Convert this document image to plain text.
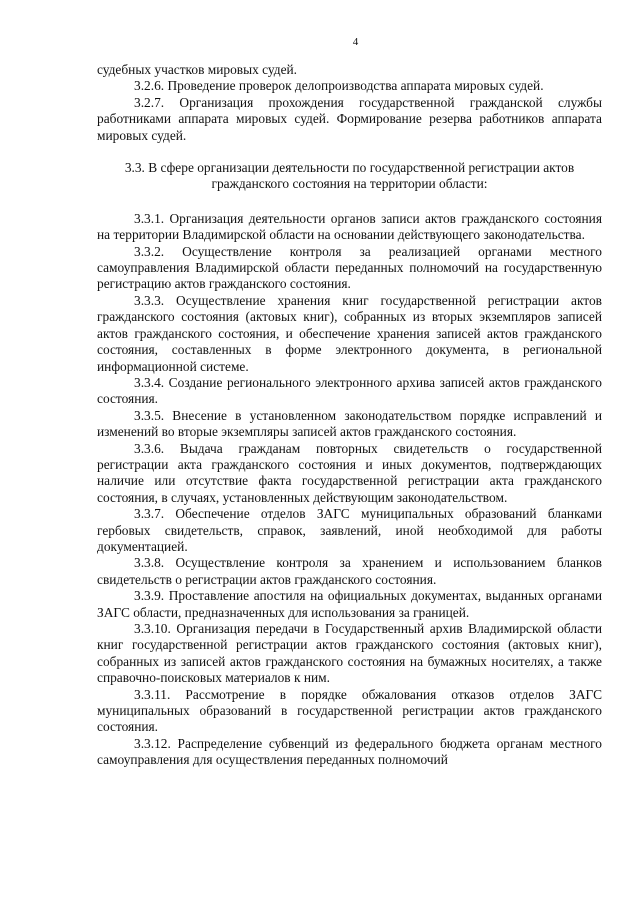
4

судебных участков мировых судей.

3.2.6. Проведение проверок делопроизводства аппарата мировых судей.

3.2.7. Организация прохождения государственной гражданской службы работниками аппарата мировых судей. Формирование резерва работников аппарата мировых судей.

3.3. В сфере организации деятельности по государственной регистрации актов
гражданского состояния на территории области:

3.3.1. Организация деятельности органов записи актов гражданского состояния на территории Владимирской области на основании действующего законодательства.

3.3.2. Осуществление контроля за реализацией органами местного самоуправления Владимирской области переданных полномочий на государственную регистрацию актов гражданского состояния.

3.3.3. Осуществление хранения книг государственной регистрации актов гражданского состояния (актовых книг), собранных из вторых экземпляров записей актов гражданского состояния, и обеспечение хранения записей актов гражданского состояния, составленных в форме электронного документа, в региональной информационной системе.

3.3.4. Создание регионального электронного архива записей актов гражданского состояния.

3.3.5. Внесение в установленном законодательством порядке исправлений и изменений во вторые экземпляры записей актов гражданского состояния.

3.3.6. Выдача гражданам повторных свидетельств о государственной регистрации акта гражданского состояния и иных документов, подтверждающих наличие или отсутствие факта государственной регистрации акта гражданского состояния, в случаях, установленных действующим законодательством.

3.3.7. Обеспечение отделов ЗАГС муниципальных образований бланками гербовых свидетельств, справок, заявлений, иной необходимой для работы документацией.

3.3.8. Осуществление контроля за хранением и использованием бланков свидетельств о регистрации актов гражданского состояния.

3.3.9. Проставление апостиля на официальных документах, выданных органами ЗАГС области, предназначенных для использования за границей.

3.3.10. Организация передачи в Государственный архив Владимирской области книг государственной регистрации актов гражданского состояния (актовых книг), собранных из записей актов гражданского состояния на бумажных носителях, а также справочно-поисковых материалов к ним.

3.3.11. Рассмотрение в порядке обжалования отказов отделов ЗАГС муниципальных образований в государственной регистрации актов гражданского состояния.

3.3.12. Распределение субвенций из федерального бюджета органам местного самоуправления для осуществления переданных полномочий
